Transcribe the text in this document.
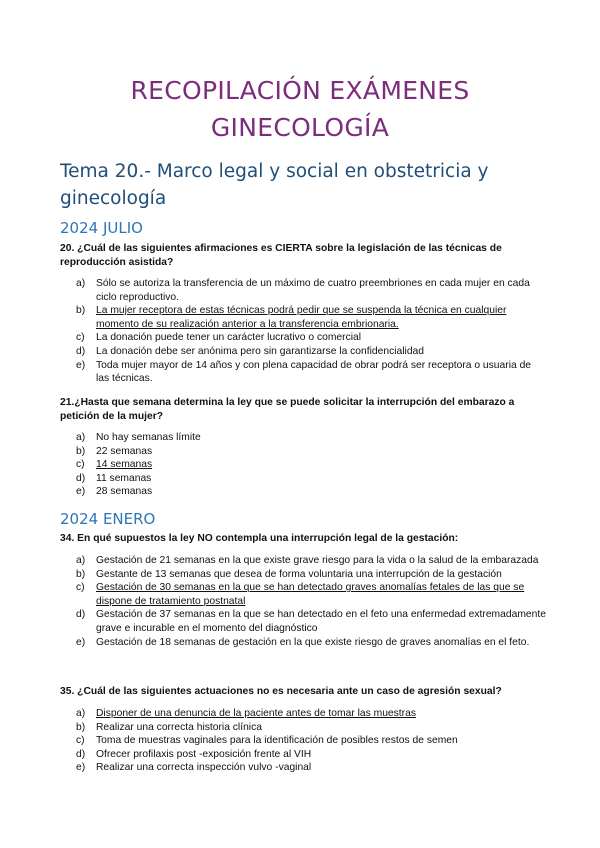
RECOPILACIÓN EXÁMENES
GINECOLOGÍA
Tema 20.- Marco legal y social en obstetricia y ginecología
2024 JULIO
20. ¿Cuál de las siguientes afirmaciones es CIERTA sobre la legislación de las técnicas de reproducción asistida?
a) Sólo se autoriza la transferencia de un máximo de cuatro preembriones en cada mujer en cada ciclo reproductivo.
b) La mujer receptora de estas técnicas podrá pedir que se suspenda la técnica en cualquier momento de su realización anterior a la transferencia embrionaria.
c) La donación puede tener un carácter lucrativo o comercial
d) La donación debe ser anónima pero sin garantizarse la confidencialidad
e) Toda mujer mayor de 14 años y con plena capacidad de obrar podrá ser receptora o usuaria de las técnicas.
21.¿Hasta que semana determina la ley que se puede solicitar la interrupción del embarazo a petición de la mujer?
a) No hay semanas límite
b) 22 semanas
c) 14 semanas
d) 11 semanas
e) 28 semanas
2024 ENERO
34. En qué supuestos la ley NO contempla una interrupción legal de la gestación:
a) Gestación de 21 semanas en la que existe grave riesgo para la vida o la salud de la embarazada
b) Gestante de 13 semanas que desea de forma voluntaria una interrupción de la gestación
c) Gestación de 30 semanas en la que se han detectado graves anomalías fetales de las que se dispone de tratamiento postnatal
d) Gestación de 37 semanas en la que se han detectado en el feto una enfermedad extremadamente grave e incurable en el momento del diagnóstico
e) Gestación de 18 semanas de gestación en la que existe riesgo de graves anomalías en el feto.
35. ¿Cuál de las siguientes actuaciones no es necesaria ante un caso de agresión sexual?
a) Disponer de una denuncia de la paciente antes de tomar las muestras
b) Realizar una correcta historia clínica
c) Toma de muestras vaginales para la identificación de posibles restos de semen
d) Ofrecer profilaxis post -exposición frente al VIH
e) Realizar una correcta inspección vulvo -vaginal
